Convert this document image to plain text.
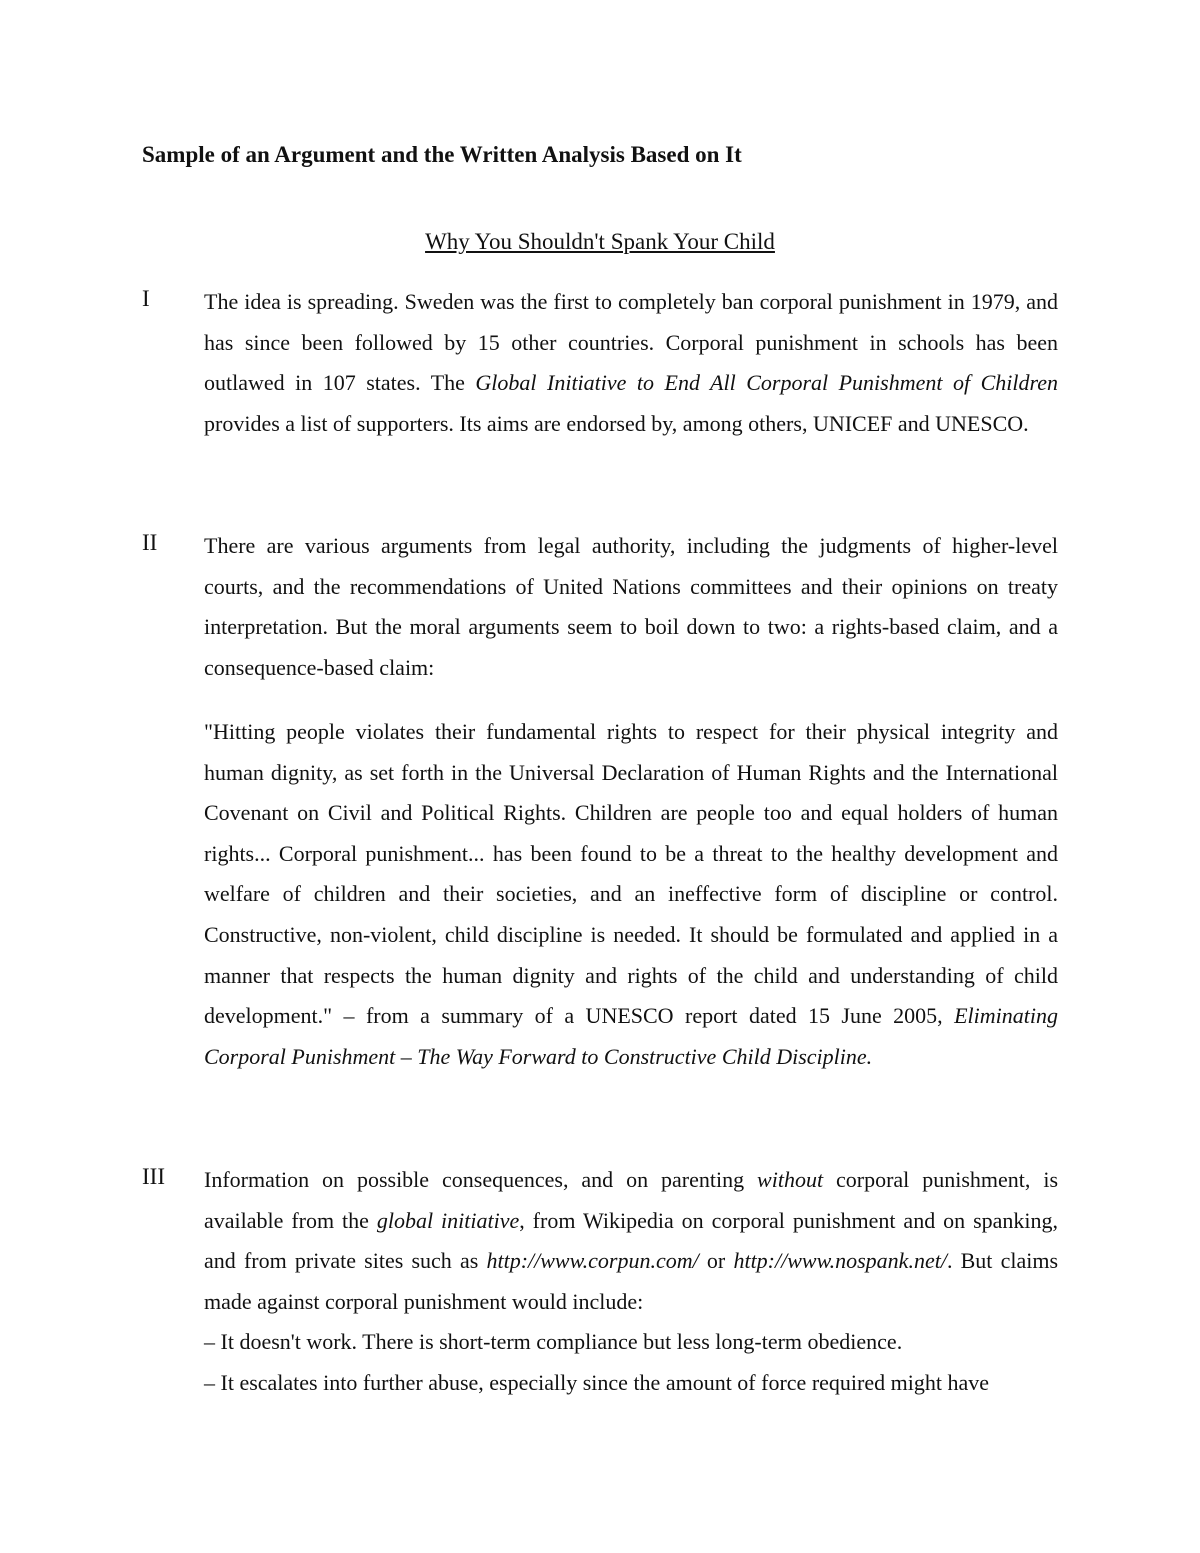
Sample of an Argument and the Written Analysis Based on It
Why You Shouldn't Spank Your Child
I The idea is spreading. Sweden was the first to completely ban corporal punishment in 1979, and has since been followed by 15 other countries. Corporal punishment in schools has been outlawed in 107 states. The Global Initiative to End All Corporal Punishment of Children provides a list of supporters. Its aims are endorsed by, among others, UNICEF and UNESCO.
II There are various arguments from legal authority, including the judgments of higher-level courts, and the recommendations of United Nations committees and their opinions on treaty interpretation. But the moral arguments seem to boil down to two: a rights-based claim, and a consequence-based claim:
"Hitting people violates their fundamental rights to respect for their physical integrity and human dignity, as set forth in the Universal Declaration of Human Rights and the International Covenant on Civil and Political Rights. Children are people too and equal holders of human rights... Corporal punishment... has been found to be a threat to the healthy development and welfare of children and their societies, and an ineffective form of discipline or control. Constructive, non-violent, child discipline is needed. It should be formulated and applied in a manner that respects the human dignity and rights of the child and understanding of child development." – from a summary of a UNESCO report dated 15 June 2005, Eliminating Corporal Punishment – The Way Forward to Constructive Child Discipline.
III Information on possible consequences, and on parenting without corporal punishment, is available from the global initiative, from Wikipedia on corporal punishment and on spanking, and from private sites such as http://www.corpun.com/ or http://www.nospank.net/. But claims made against corporal punishment would include:
– It doesn't work. There is short-term compliance but less long-term obedience.
– It escalates into further abuse, especially since the amount of force required might have
